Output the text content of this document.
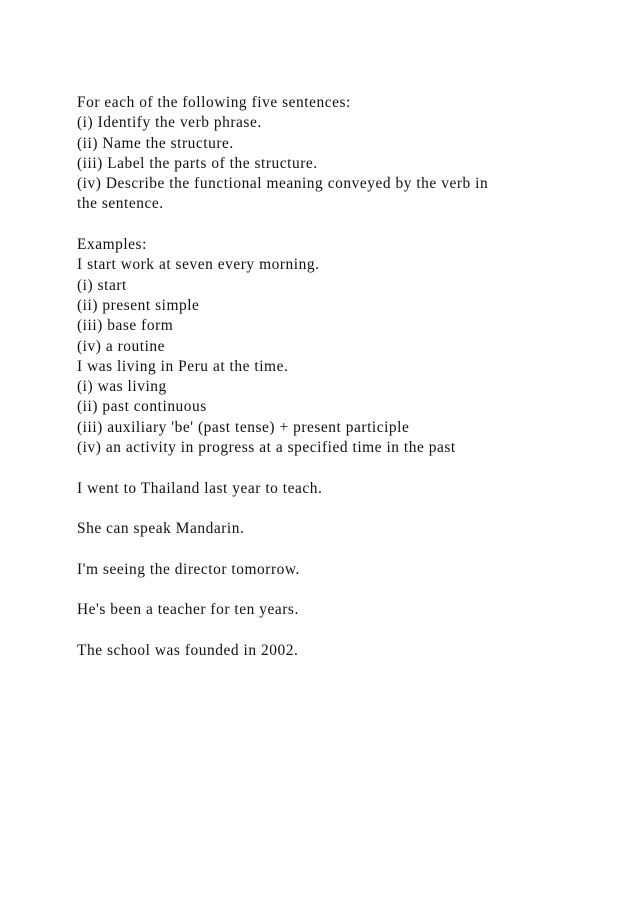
For each of the following five sentences:
(i) Identify the verb phrase.
(ii) Name the structure.
(iii) Label the parts of the structure.
(iv) Describe the functional meaning conveyed by the verb in
the sentence.
Examples:
I start work at seven every morning.
(i) start
(ii) present simple
(iii) base form
(iv) a routine
I was living in Peru at the time.
(i) was living
(ii) past continuous
(iii) auxiliary 'be' (past tense) + present participle
(iv) an activity in progress at a specified time in the past
I went to Thailand last year to teach.
She can speak Mandarin.
I'm seeing the director tomorrow.
He's been a teacher for ten years.
The school was founded in 2002.
